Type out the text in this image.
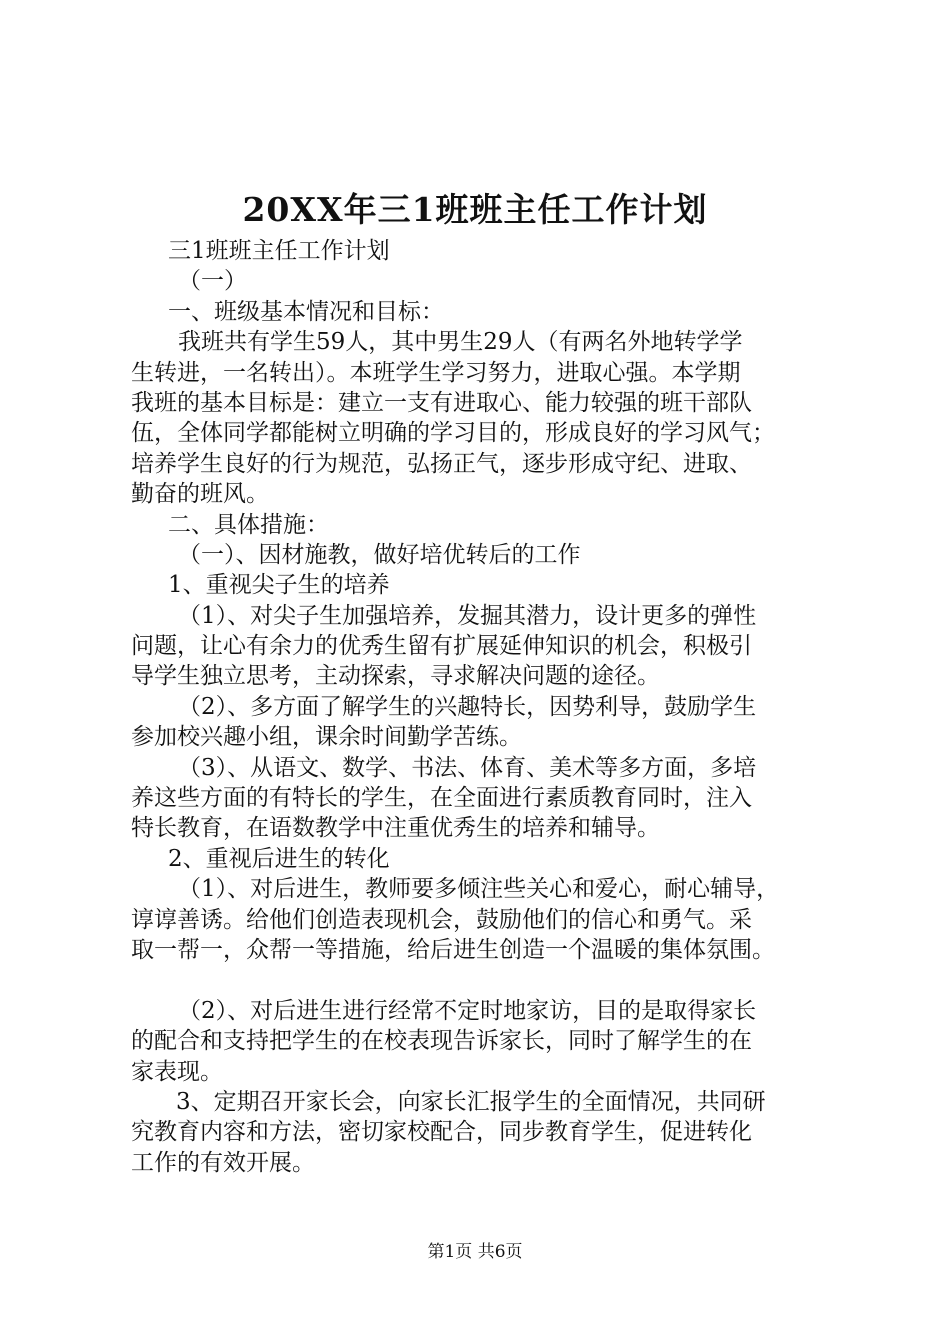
20XX年三1班班主任工作计划
三1班班主任工作计划
（一）
一、班级基本情况和目标：
我班共有学生59人，其中男生29人（有两名外地转学学
生转进，一名转出）。本班学生学习努力，进取心强。本学期
我班的基本目标是：建立一支有进取心、能力较强的班干部队
伍，全体同学都能树立明确的学习目的，形成良好的学习风气；
培养学生良好的行为规范，弘扬正气，逐步形成守纪、进取、
勤奋的班风。
二、具体措施：
（一）、因材施教，做好培优转后的工作
1、重视尖子生的培养
（1）、对尖子生加强培养，发掘其潜力，设计更多的弹性
问题，让心有余力的优秀生留有扩展延伸知识的机会，积极引
导学生独立思考，主动探索，寻求解决问题的途径。
（2）、多方面了解学生的兴趣特长，因势利导，鼓励学生
参加校兴趣小组，课余时间勤学苦练。
（3）、从语文、数学、书法、体育、美术等多方面，多培
养这些方面的有特长的学生，在全面进行素质教育同时，注入
特长教育，在语数教学中注重优秀生的培养和辅导。
2、重视后进生的转化
（1）、对后进生，教师要多倾注些关心和爱心，耐心辅导，
谆谆善诱。给他们创造表现机会，鼓励他们的信心和勇气。采
取一帮一，众帮一等措施，给后进生创造一个温暖的集体氛围。
（2）、对后进生进行经常不定时地家访，目的是取得家长
的配合和支持把学生的在校表现告诉家长，同时了解学生的在
家表现。
3、定期召开家长会，向家长汇报学生的全面情况，共同研
究教育内容和方法，密切家校配合，同步教育学生，促进转化
工作的有效开展。
第1页 共6页
